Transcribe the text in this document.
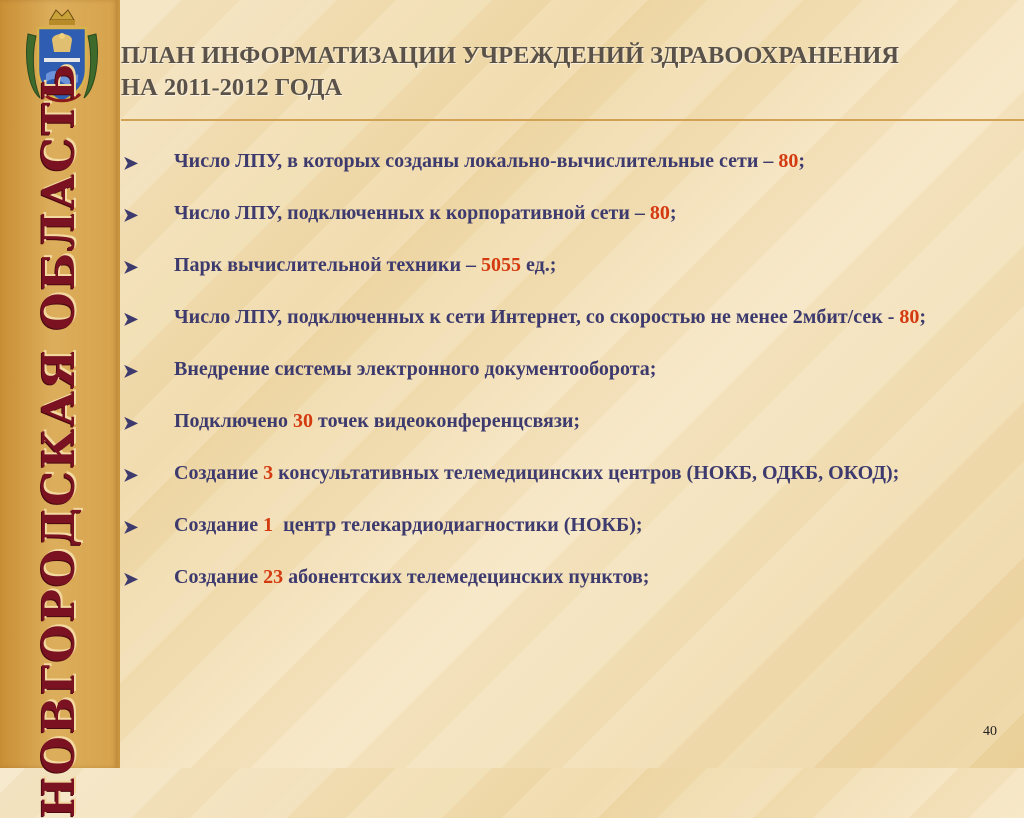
НОВГОРОДСКАЯ ОБЛАСТЬ
ПЛАН ИНФОРМАТИЗАЦИИ УЧРЕЖДЕНИЙ ЗДРАВООХРАНЕНИЯ
НА 2011-2012 ГОДА
➤ Число ЛПУ, в которых созданы локально-вычислительные сети – 80;
➤ Число ЛПУ, подключенных к корпоративной сети – 80;
➤ Парк вычислительной техники – 5055 ед.;
➤ Число ЛПУ, подключенных к сети Интернет, со скоростью не менее 2мбит/сек - 80;
➤ Внедрение системы электронного документооборота;
➤ Подключено 30 точек видеоконференцсвязи;
➤ Создание 3 консультативных телемедицинских центров (НОКБ, ОДКБ, ОКОД);
➤ Создание 1  центр телекардиодиагностики (НОКБ);
➤ Создание 23 абонентских телемедецинских пунктов;
40
